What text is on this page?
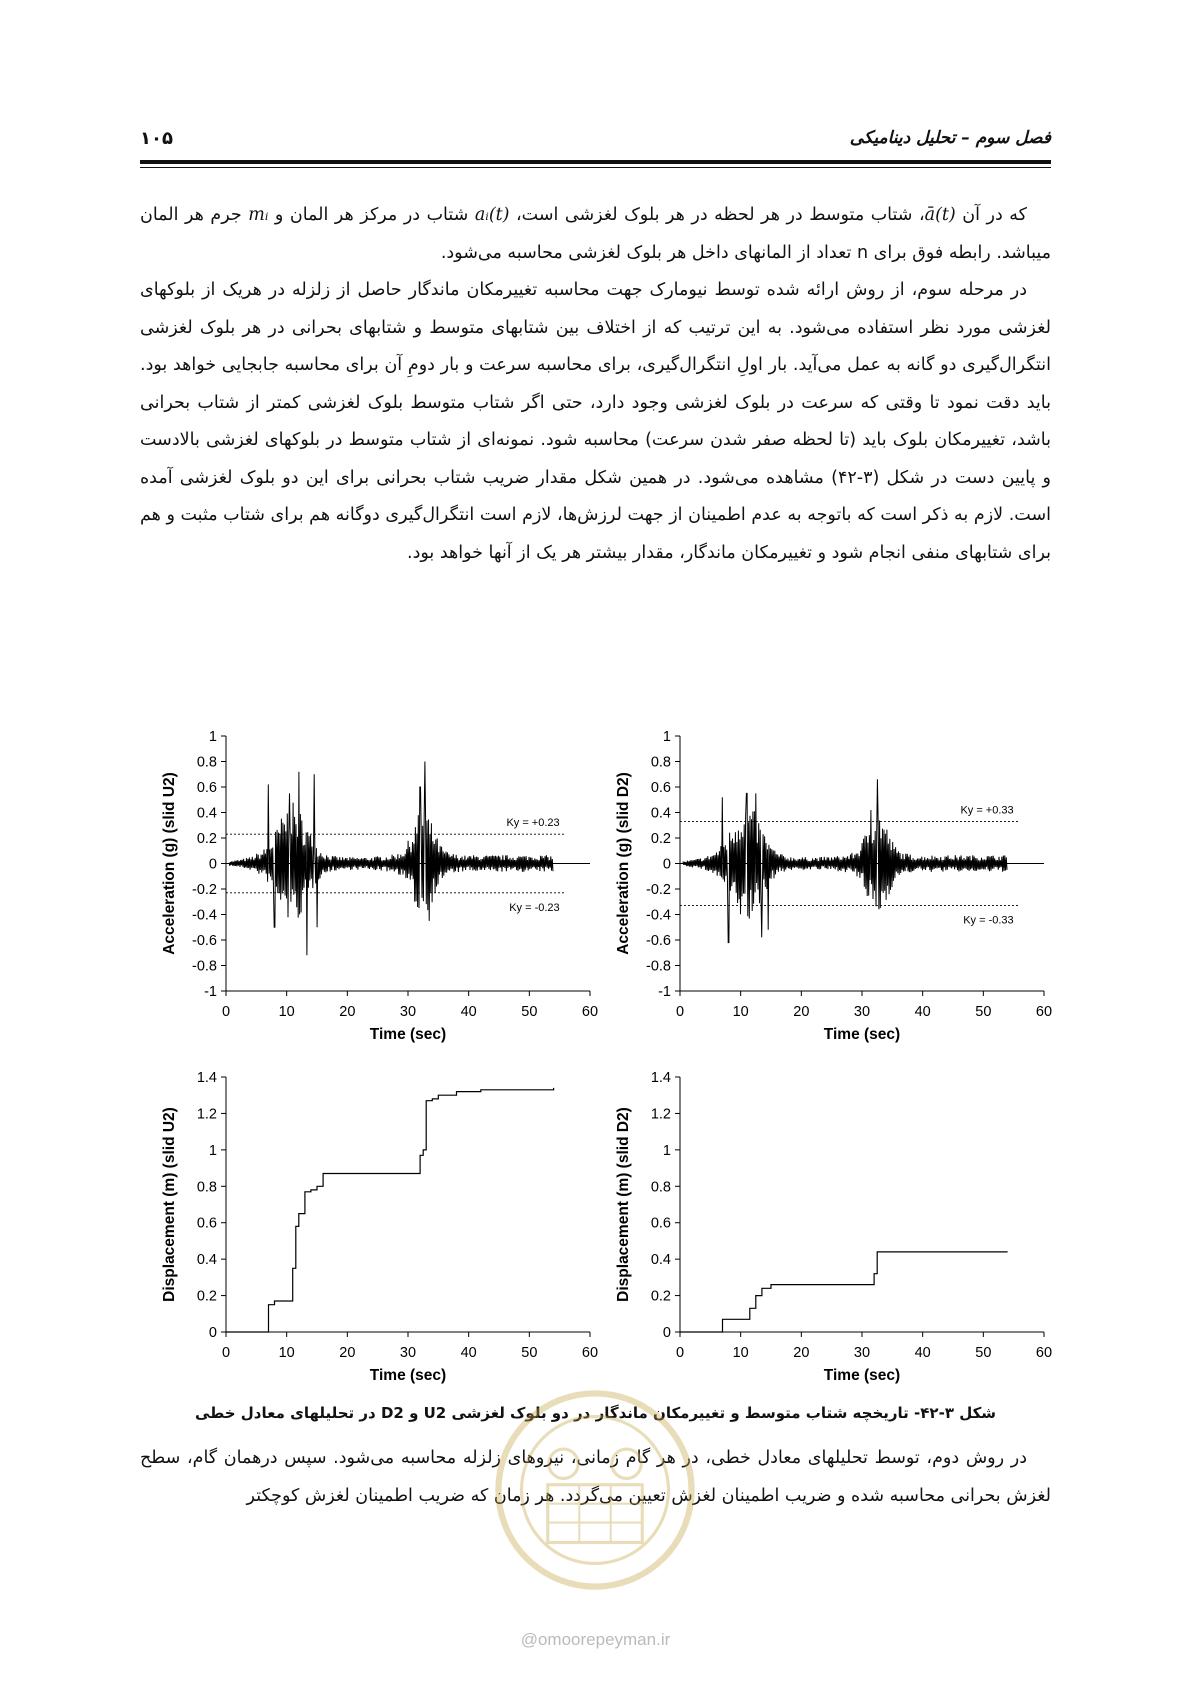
فصل سوم – تحلیل دینامیکی
۱۰۵

که در آن ā(t)، شتاب متوسط در هر لحظه در هر بلوک لغزشی است، aᵢ(t) شتاب در مرکز هر المان و mᵢ جرم هر المان میباشد. رابطه فوق برای n تعداد از المانهای داخل هر بلوک لغزشی محاسبه می‌شود.

در مرحله سوم، از روش ارائه شده توسط نیومارک جهت محاسبه تغییرمکان ماندگار حاصل از زلزله در هریک از بلوکهای لغزشی مورد نظر استفاده می‌شود. به این ترتیب که از اختلاف بین شتابهای متوسط و شتابهای بحرانی در هر بلوک لغزشی انتگرال‌گیری دو گانه به عمل می‌آید. بار اولِ انتگرال‌گیری، برای محاسبه سرعت و بار دومِ آن برای محاسبه جابجایی خواهد بود. باید دقت نمود تا وقتی که سرعت در بلوک لغزشی وجود دارد، حتی اگر شتاب متوسط بلوک لغزشی کمتر از شتاب بحرانی باشد، تغییرمکان بلوک باید (تا لحظه صفر شدن سرعت) محاسبه شود. نمونه‌ای از شتاب متوسط در بلوکهای لغزشی بالادست و پایین دست در شکل (۳-۴۲) مشاهده می‌شود. در همین شکل مقدار ضریب شتاب بحرانی برای این دو بلوک لغزشی آمده است. لازم به ذکر است که باتوجه به عدم اطمینان از جهت لرزش‌ها، لازم است انتگرال‌گیری دوگانه هم برای شتاب مثبت و هم برای شتابهای منفی انجام شود و تغییرمکان ماندگار، مقدار بیشتر هر یک از آنها خواهد بود.

1
0.8
0.6
0.4
0.2
0
-0.2
-0.4
-0.6
-0.8
-1
0	10	20	30	40	50	60
Time (sec)
Acceleration (g) (slid U2)	Ky = +0.23
Ky = -0.23
1
0.8
0.6
0.4
0.2
0
-0.2
-0.4
-0.6
-0.8
-1
0	10	20	30	40	50	60
Time (sec)
Acceleration (g) (slid D2)	Ky = +0.33
Ky = -0.33
1.4
1.2
1
0.8
0.6
0.4
0.2
0
0	10	20	30	40	50	60
Time (sec)
Displacement (m) (slid U2)
1.4
1.2
1
0.8
0.6
0.4
0.2
0
0	10	20	30	40	50	60
Time (sec)
Displacement (m) (slid D2)
شکل ۳-۴۲- تاریخچه شتاب متوسط و تغییرمکان ماندگار در دو بلوک لغزشی U2 و D2 در تحلیلهای معادل خطی

در روش دوم، توسط تحلیلهای معادل خطی، در هر گام زمانی، نیروهای زلزله محاسبه می‌شود. سپس درهمان گام، سطح لغزش بحرانی محاسبه شده و ضریب اطمینان لغزش تعیین می‌گردد. هر زمان که ضریب اطمینان لغزش کوچکتر

@omoorepeyman.ir
